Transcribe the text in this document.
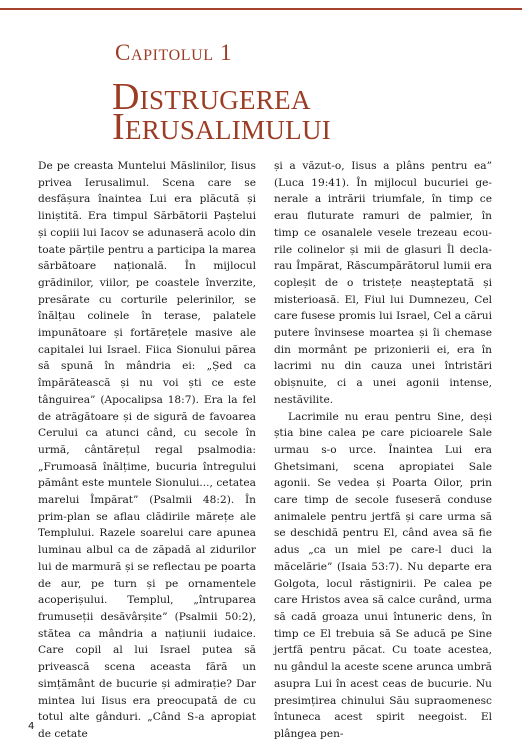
Capitolul 1
Distrugerea
Ierusalimului

De pe creasta Muntelui Măslinilor, Iisus privea Ierusalimul. Scena care se desfășura înaintea Lui era plăcută și liniștită. Era timpul Sărbătorii Paștelui și copiii lui Iacov se adunaseră acolo din toate părțile pentru a participa la marea sărbătoare națională. În mijlocul grădinilor, viilor, pe coastele înverzite, presărate cu corturile pelerinilor, se înălțau colinele în terase, palatele impunătoare și fortărețele masive ale capitalei lui Israel. Fiica Sionului părea să spună în mândria ei: „Șed ca împărătească și nu voi ști ce este tânguirea” (Apocalipsa 18:7). Era la fel de atrăgătoare și de sigură de favoarea Cerului ca atunci când, cu secole în urmă, cântărețul regal psalmodia: „Frumoasă înălțime, bucuria întregului pământ este muntele Sionului..., cetatea marelui Împărat” (Psalmii 48:2). În prim-plan se aflau clădirile mărețe ale Templului. Razele soarelui care apunea luminau albul ca de zăpadă al zidurilor lui de marmură și se reflectau pe poarta de aur, pe turn și pe ornamentele acoperișului. Templul, „întruparea frumuseții desăvârșite” (Psalmii 50:2), stătea ca mândria a națiunii iudaice. Care copil al lui Israel putea să privească scena aceasta fără un simțământ de bucurie și admirație? Dar mintea lui Iisus era preocupată de cu totul alte gânduri. „Când S-a apropiat de cetate

și a văzut-o, Iisus a plâns pentru ea” (Luca 19:41). În mijlocul bucuriei generale a intrării triumfale, în timp ce erau fluturate ramuri de palmier, în timp ce osanalele vesele trezeau ecourile colinelor și mii de glasuri Îl declarau Împărat, Răscumpărătorul lumii era copleșit de o tristețe neașteptată și misterioasă. El, Fiul lui Dumnezeu, Cel care fusese promis lui Israel, Cel a cărui putere învinsese moartea și îi chemase din mormânt pe prizonierii ei, era în lacrimi nu din cauza unei întristări obișnuite, ci a unei agonii intense, nestăvilite.

Lacrimile nu erau pentru Sine, deși știa bine calea pe care picioarele Sale urmau s-o urce. Înaintea Lui era Ghetsimani, scena apropiatei Sale agonii. Se vedea și Poarta Oilor, prin care timp de secole fuseseră conduse animalele pentru jertfă și care urma să se deschidă pentru El, când avea să fie adus „ca un miel pe care-l duci la măcelărie” (Isaia 53:7). Nu departe era Golgota, locul răstignirii. Pe calea pe care Hristos avea să calce curând, urma să cadă groaza unui întuneric dens, în timp ce El trebuia să Se aducă pe Sine jertfă pentru păcat. Cu toate acestea, nu gândul la aceste scene arunca umbră asupra Lui în acest ceas de bucurie. Nu presimțirea chinului Său supraomenesc întuneca acest spirit neegoist. El plângea pen-

4
